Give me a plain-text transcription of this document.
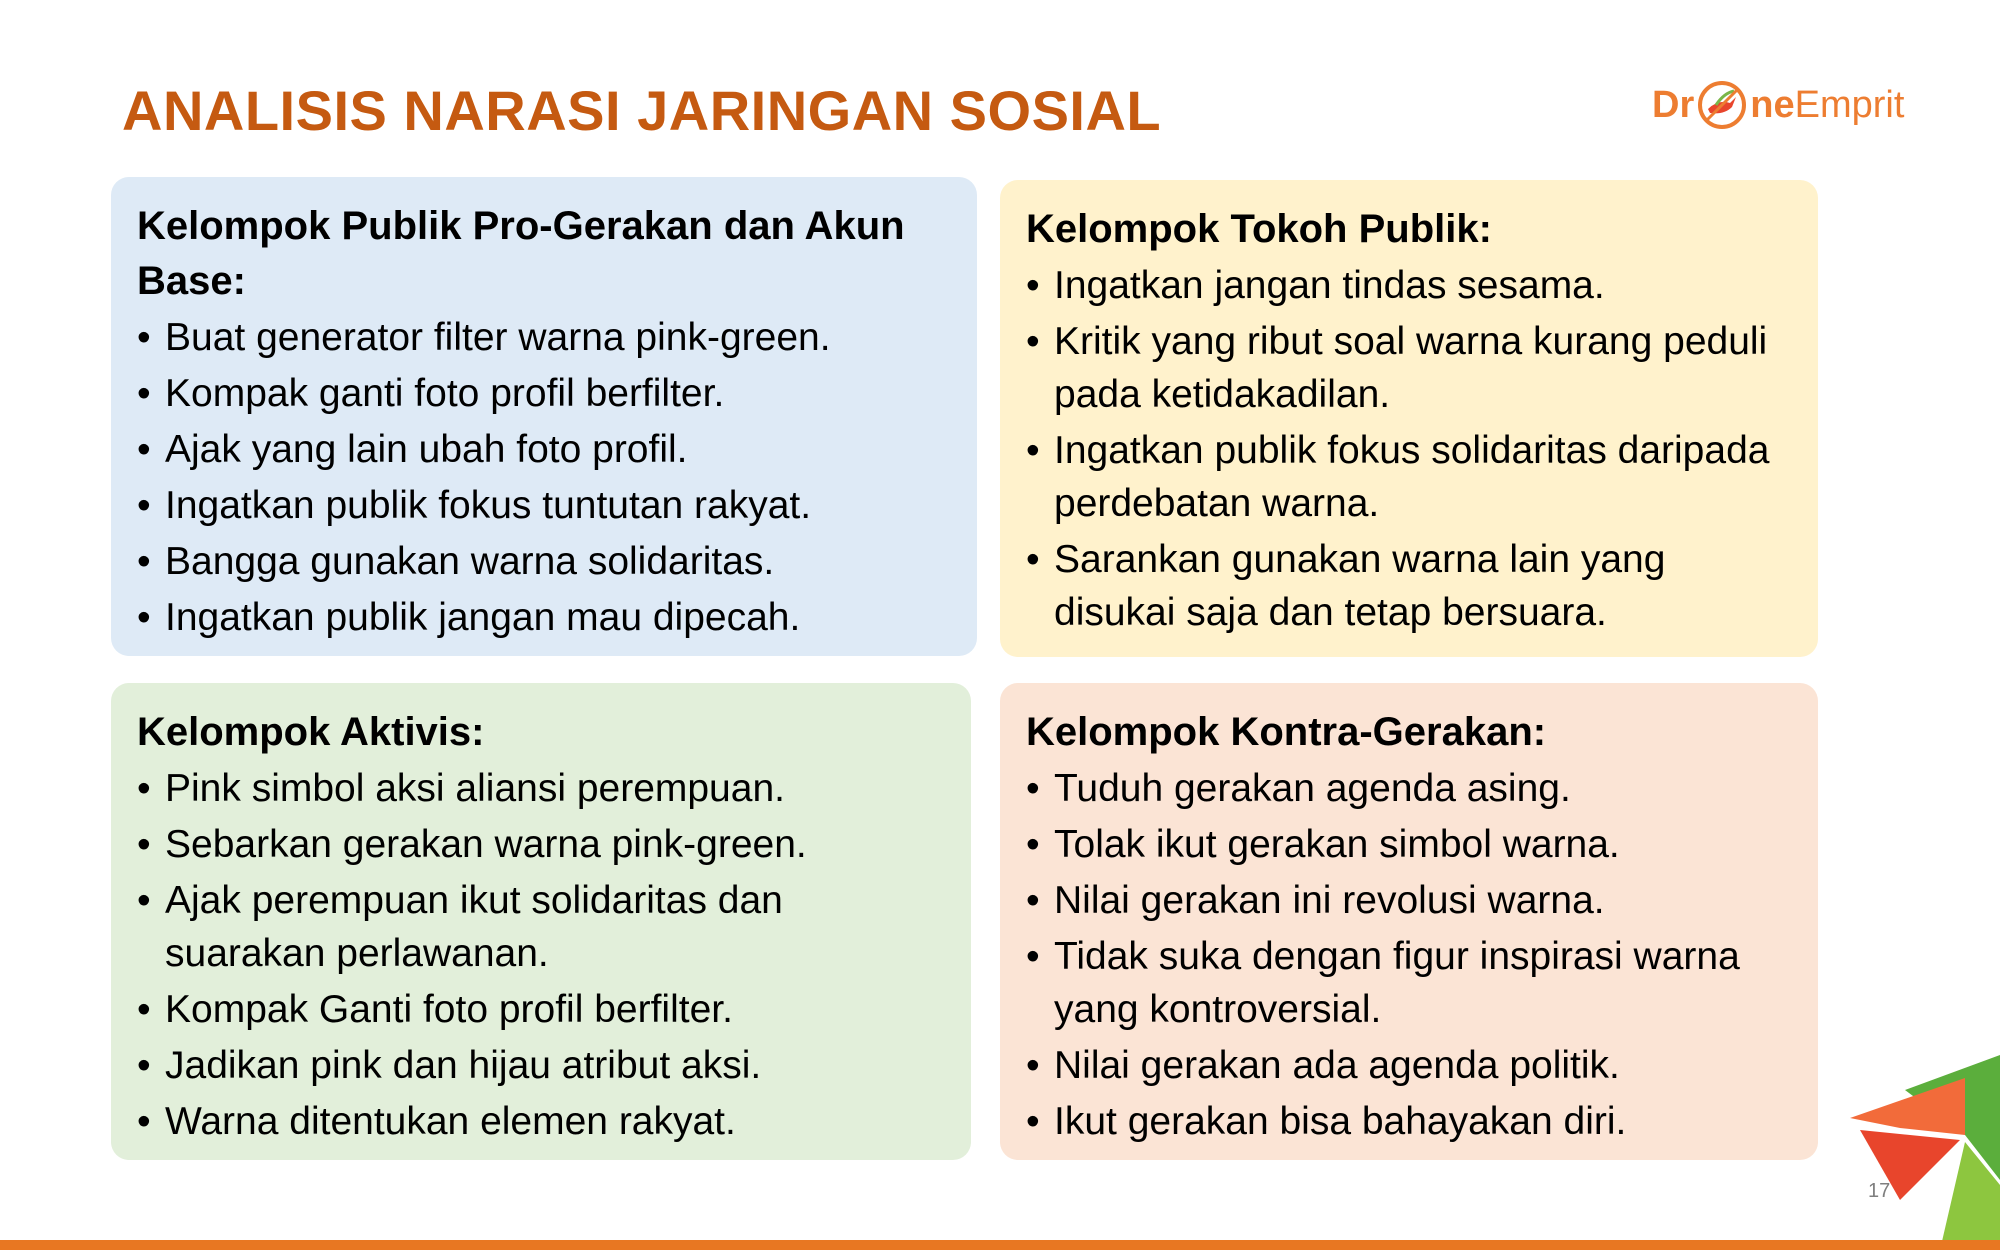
ANALISIS NARASI JARINGAN SOSIAL	Dr ne Emprit
Kelompok Publik Pro-Gerakan dan Akun Base:
• Buat generator filter warna pink-green.
• Kompak ganti foto profil berfilter.
• Ajak yang lain ubah foto profil.
• Ingatkan publik fokus tuntutan rakyat.
• Bangga gunakan warna solidaritas.
• Ingatkan publik jangan mau dipecah.
Kelompok Tokoh Publik:
• Ingatkan jangan tindas sesama.
• Kritik yang ribut soal warna kurang peduli pada ketidakadilan.
• Ingatkan publik fokus solidaritas daripada perdebatan warna.
• Sarankan gunakan warna lain yang disukai saja dan tetap bersuara.
Kelompok Aktivis:
• Pink simbol aksi aliansi perempuan.
• Sebarkan gerakan warna pink-green.
• Ajak perempuan ikut solidaritas dan suarakan perlawanan.
• Kompak Ganti foto profil berfilter.
• Jadikan pink dan hijau atribut aksi.
• Warna ditentukan elemen rakyat.
Kelompok Kontra-Gerakan:
• Tuduh gerakan agenda asing.
• Tolak ikut gerakan simbol warna.
• Nilai gerakan ini revolusi warna.
• Tidak suka dengan figur inspirasi warna yang kontroversial.
• Nilai gerakan ada agenda politik.
• Ikut gerakan bisa bahayakan diri.
17
